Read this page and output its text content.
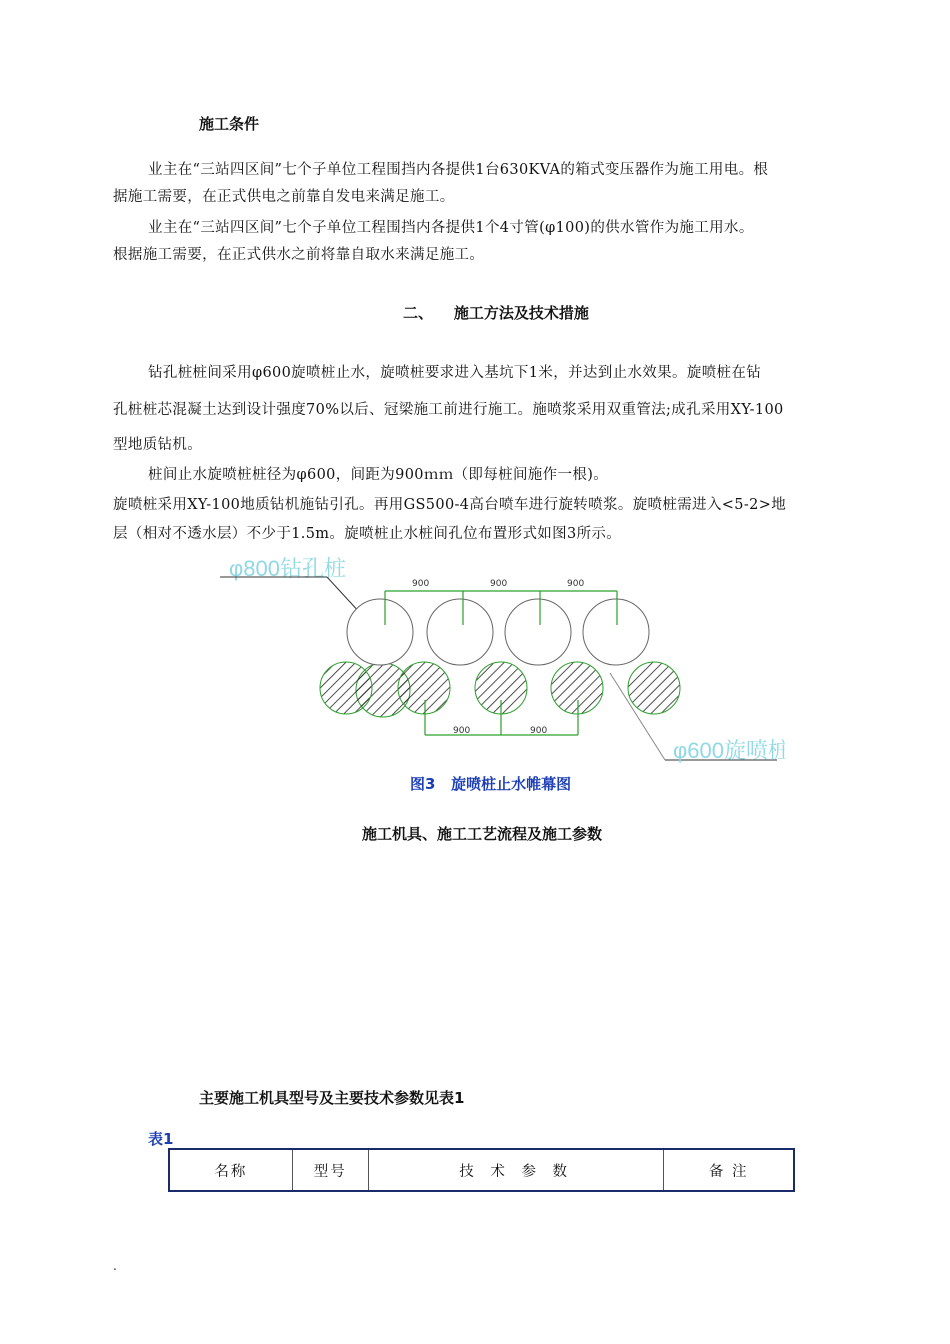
施工条件
业主在“三站四区间”七个子单位工程围挡内各提供1台630KVA的箱式变压器作为施工用电。根
据施工需要，在正式供电之前靠自发电来满足施工。
业主在“三站四区间”七个子单位工程围挡内各提供1个4寸管(φ100)的供水管作为施工用水。
根据施工需要，在正式供水之前将靠自取水来满足施工。
二、    施工方法及技术措施
钻孔桩桩间采用φ600旋喷桩止水，旋喷桩要求进入基坑下1米，并达到止水效果。旋喷桩在钻
孔桩桩芯混凝土达到设计强度70%以后、冠梁施工前进行施工。施喷浆采用双重管法;成孔采用XY-100
型地质钻机。
桩间止水旋喷桩桩径为φ600，间距为900ｍｍ（即每桩间施作一根)。
旋喷桩采用XY-100地质钻机施钻引孔。再用GS500-4高台喷车进行旋转喷浆。旋喷桩需进入<5-2>地
层（相对不透水层）不少于1.5m。旋喷桩止水桩间孔位布置形式如图3所示。
φ800钻孔桩
900	900	900
900	900
φ600旋喷桩
图3   旋喷桩止水帷幕图
施工机具、施工工艺流程及施工参数
主要施工机具型号及主要技术参数见表1
表1
名称	型号	技 术 参 数	备 注
.
